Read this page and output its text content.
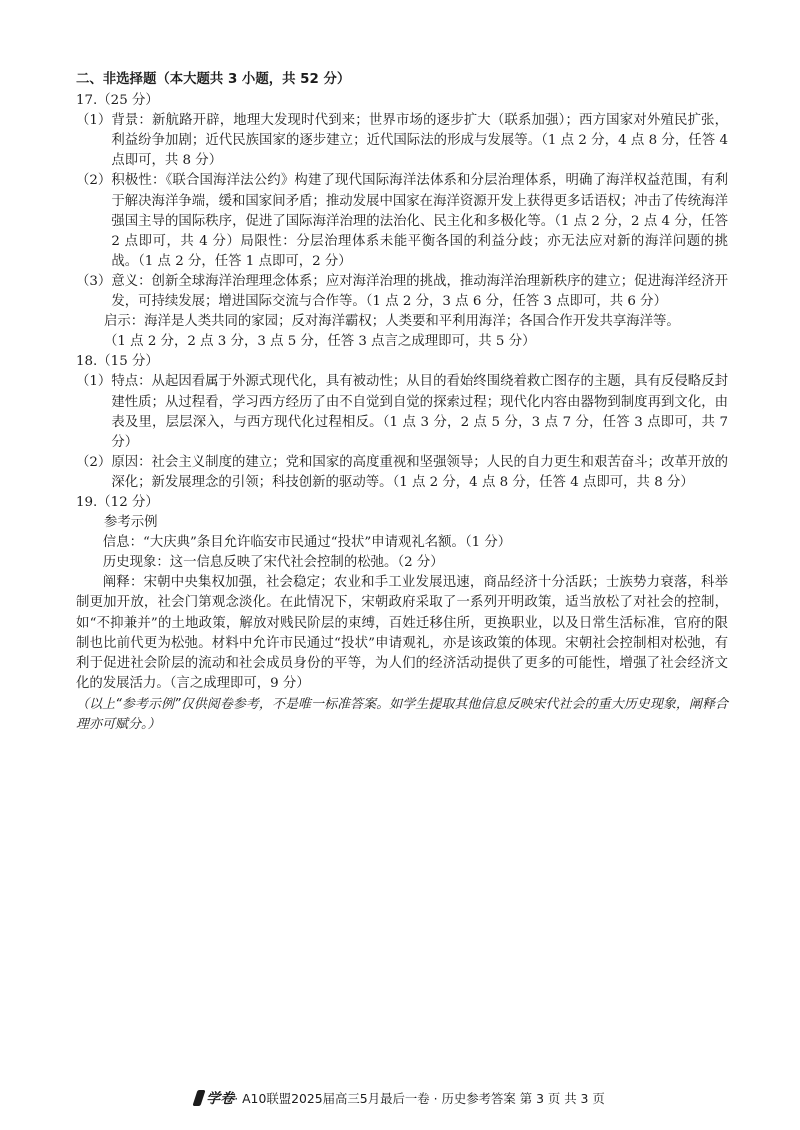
二、非选择题（本大题共 3 小题，共 52 分）
17.（25 分）
（1） 背景：新航路开辟，地理大发现时代到来；世界市场的逐步扩大（联系加强）；西方国家对外殖民扩张，利益纷争加剧；近代民族国家的逐步建立；近代国际法的形成与发展等。（1 点 2 分，4 点 8 分，任答 4 点即可，共 8 分）
（2） 积极性：《联合国海洋法公约》构建了现代国际海洋法体系和分层治理体系，明确了海洋权益范围，有利于解决海洋争端，缓和国家间矛盾；推动发展中国家在海洋资源开发上获得更多话语权；冲击了传统海洋强国主导的国际秩序，促进了国际海洋治理的法治化、民主化和多极化等。（1 点 2 分，2 点 4 分，任答 2 点即可，共 4 分）局限性：分层治理体系未能平衡各国的利益分歧；亦无法应对新的海洋问题的挑战。（1 点 2 分，任答 1 点即可，2 分）
（3） 意义：创新全球海洋治理理念体系；应对海洋治理的挑战，推动海洋治理新秩序的建立；促进海洋经济开发，可持续发展；增进国际交流与合作等。（1 点 2 分，3 点 6 分，任答 3 点即可，共 6 分）

启示：海洋是人类共同的家园；反对海洋霸权；人类要和平利用海洋；各国合作开发共享海洋等。

（1 点 2 分，2 点 3 分，3 点 5 分，任答 3 点言之成理即可，共 5 分）

18.（15 分）
（1） 特点：从起因看属于外源式现代化，具有被动性；从目的看始终围绕着救亡图存的主题，具有反侵略反封建性质；从过程看，学习西方经历了由不自觉到自觉的探索过程；现代化内容由器物到制度再到文化，由表及里，层层深入，与西方现代化过程相反。（1 点 3 分，2 点 5 分，3 点 7 分，任答 3 点即可，共 7 分）
（2） 原因：社会主义制度的建立；党和国家的高度重视和坚强领导；人民的自力更生和艰苦奋斗；改革开放的深化；新发展理念的引领；科技创新的驱动等。（1 点 2 分，4 点 8 分，任答 4 点即可，共 8 分）
19.（12 分）
参考示例

信息：“大庆典”条目允许临安市民通过“投状”申请观礼名额。（1 分）

历史现象：这一信息反映了宋代社会控制的松弛。（2 分）

阐释：宋朝中央集权加强，社会稳定；农业和手工业发展迅速，商品经济十分活跃；士族势力衰落，科举制更加开放，社会门第观念淡化。在此情况下，宋朝政府采取了一系列开明政策，适当放松了对社会的控制，如“不抑兼并”的土地政策，解放对贱民阶层的束缚，百姓迁移住所，更换职业，以及日常生活标准，官府的限制也比前代更为松弛。材料中允许市民通过“投状”申请观礼，亦是该政策的体现。宋朝社会控制相对松弛，有利于促进社会阶层的流动和社会成员身份的平等，为人们的经济活动提供了更多的可能性，增强了社会经济文化的发展活力。（言之成理即可，9 分）

（以上“参考示例”仅供阅卷参考，不是唯一标准答案。如学生提取其他信息反映宋代社会的重大历史现象，阐释合理亦可赋分。）
学卷· A10联盟2025届高三5月最后一卷 · 历史参考答案 第 3 页 共 3 页
